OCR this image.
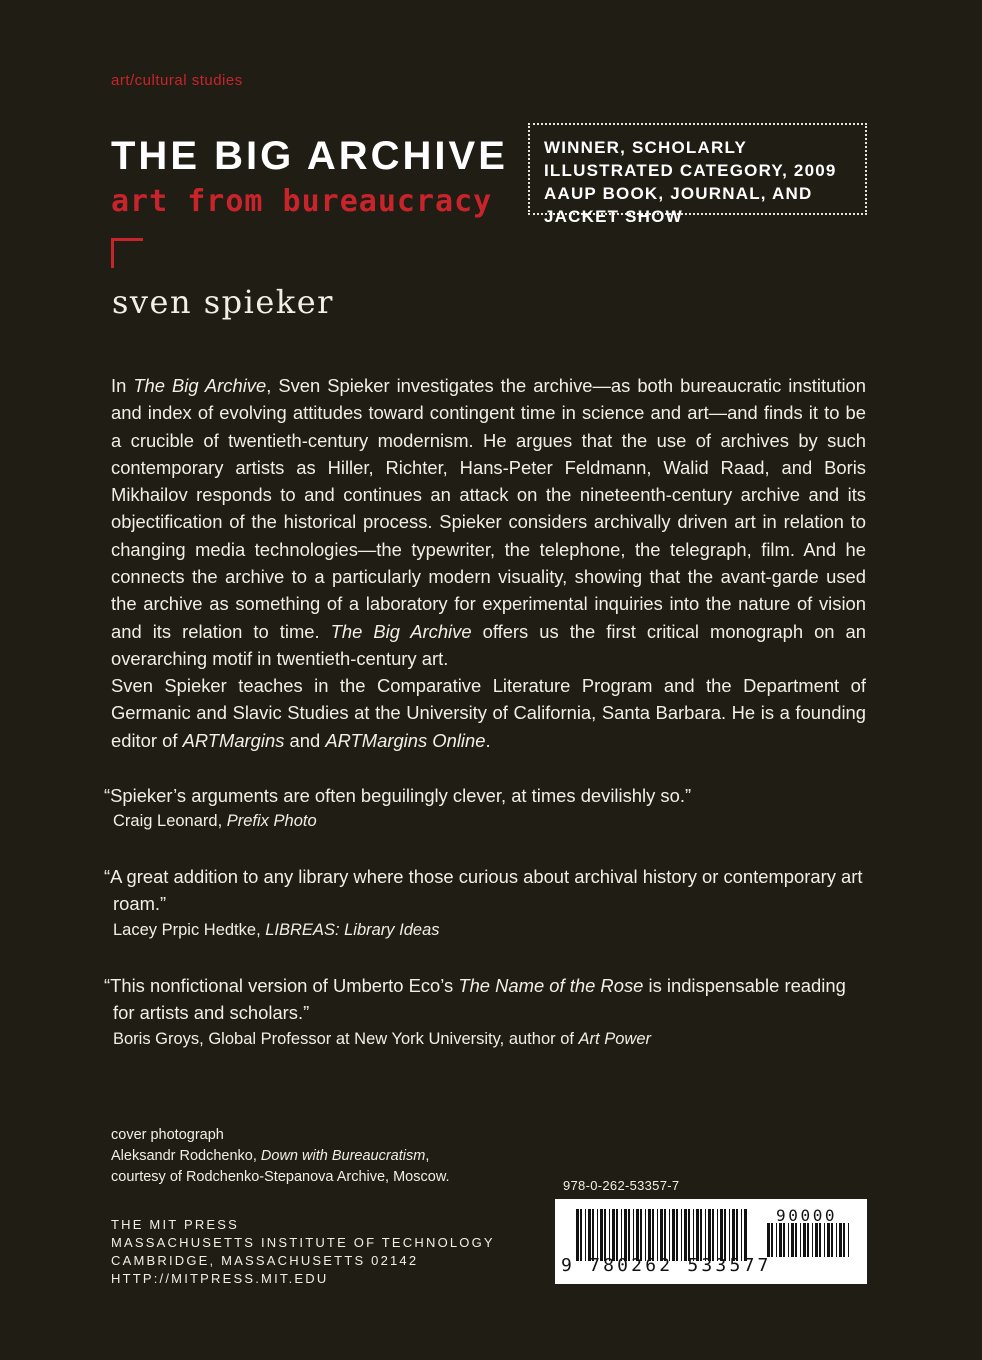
art/cultural studies
THE BIG ARCHIVE
art from bureaucracy
sven spieker
WINNER, SCHOLARLY ILLUSTRATED CATEGORY, 2009 AAUP BOOK, JOURNAL, AND JACKET SHOW

In The Big Archive, Sven Spieker investigates the archive—as both bureaucratic institution and index of evolving attitudes toward contingent time in science and art—and finds it to be a crucible of twentieth-century modernism. He argues that the use of archives by such contemporary artists as Hiller, Richter, Hans-Peter Feldmann, Walid Raad, and Boris Mikhailov responds to and continues an attack on the nineteenth-century archive and its objectification of the historical process. Spieker considers archivally driven art in relation to changing media technologies—the typewriter, the telephone, the telegraph, film. And he connects the archive to a particularly modern visuality, showing that the avant-garde used the archive as something of a laboratory for experimental inquiries into the nature of vision and its relation to time. The Big Archive offers us the first critical monograph on an overarching motif in twentieth-century art.

Sven Spieker teaches in the Comparative Literature Program and the Department of Germanic and Slavic Studies at the University of California, Santa Barbara. He is a founding editor of ARTMargins and ARTMargins Online.

“Spieker’s arguments are often beguilingly clever, at times devilishly so.”
Craig Leonard, Prefix Photo
“A great addition to any library where those curious about archival history or contemporary art roam.”
Lacey Prpic Hedtke, LIBREAS: Library Ideas
“This nonfictional version of Umberto Eco’s The Name of the Rose is indispensable reading for artists and scholars.”
Boris Groys, Global Professor at New York University, author of Art Power
cover photograph
Aleksandr Rodchenko, Down with Bureaucratism,
courtesy of Rodchenko-Stepanova Archive, Moscow.
THE MIT PRESS
MASSACHUSETTS INSTITUTE OF TECHNOLOGY
CAMBRIDGE, MASSACHUSETTS 02142
HTTP://MITPRESS.MIT.EDU
978-0-262-53357-7
9 780262 533577
90000
